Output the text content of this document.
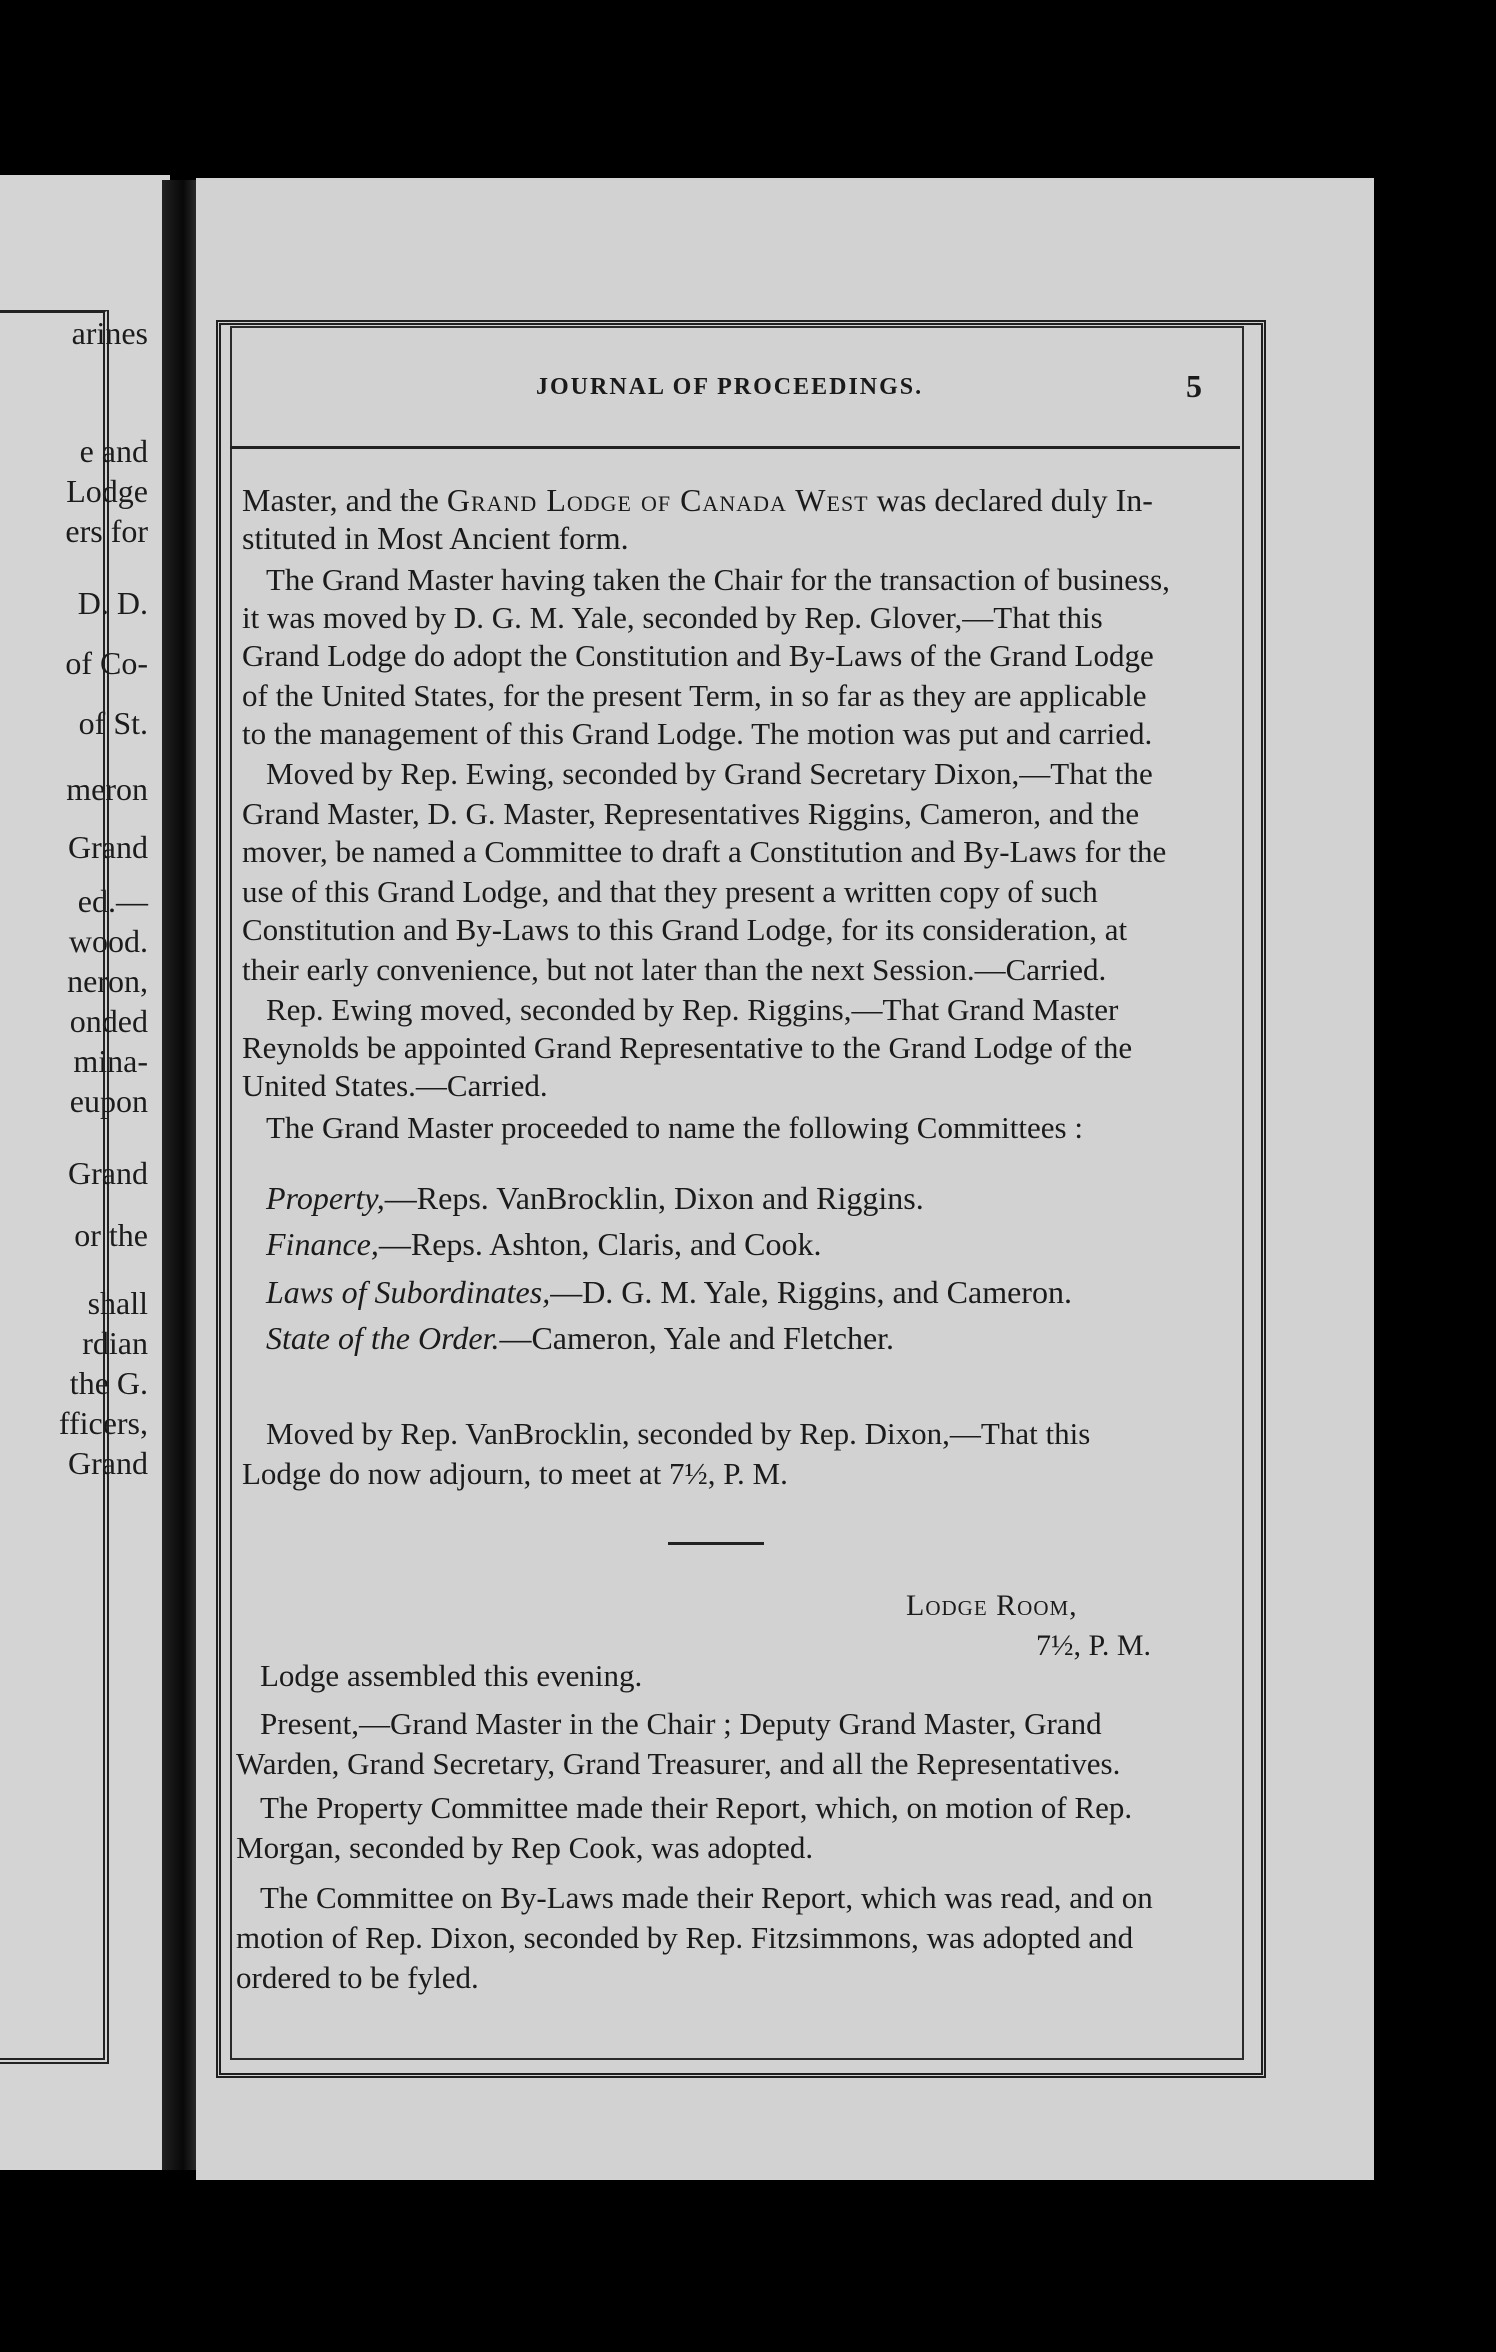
arines
e and
Lodge
ers for
D. D.
of Co-
of St.
meron
Grand
ed.—
wood.
neron,
onded
mina-
eupon
Grand
or the
shall
rdian
the G.
fficers,
Grand
JOURNAL OF PROCEEDINGS.	5
Master, and the Grand Lodge of Canada West was declared duly In-
stituted in Most Ancient form.
The Grand Master having taken the Chair for the transaction of business,
it was moved by D. G. M. Yale, seconded by Rep. Glover,—That this
Grand Lodge do adopt the Constitution and By-Laws of the Grand Lodge
of the United States, for the present Term, in so far as they are applicable
to the management of this Grand Lodge. The motion was put and carried.
Moved by Rep. Ewing, seconded by Grand Secretary Dixon,—That the
Grand Master, D. G. Master, Representatives Riggins, Cameron, and the
mover, be named a Committee to draft a Constitution and By-Laws for the
use of this Grand Lodge, and that they present a written copy of such
Constitution and By-Laws to this Grand Lodge, for its consideration, at
their early convenience, but not later than the next Session.—Carried.
Rep. Ewing moved, seconded by Rep. Riggins,—That Grand Master
Reynolds be appointed Grand Representative to the Grand Lodge of the
United States.—Carried.
The Grand Master proceeded to name the following Committees :
Property,—Reps. VanBrocklin, Dixon and Riggins.
Finance,—Reps. Ashton, Claris, and Cook.
Laws of Subordinates,—D. G. M. Yale, Riggins, and Cameron.
State of the Order.—Cameron, Yale and Fletcher.
Moved by Rep. VanBrocklin, seconded by Rep. Dixon,—That this
Lodge do now adjourn, to meet at 7½, P. M.
Lodge Room,
7½, P. M.
Lodge assembled this evening.
Present,—Grand Master in the Chair ; Deputy Grand Master, Grand
Warden, Grand Secretary, Grand Treasurer, and all the Representatives.
The Property Committee made their Report, which, on motion of Rep.
Morgan, seconded by Rep Cook, was adopted.
The Committee on By-Laws made their Report, which was read, and on
motion of Rep. Dixon, seconded by Rep. Fitzsimmons, was adopted and
ordered to be fyled.
